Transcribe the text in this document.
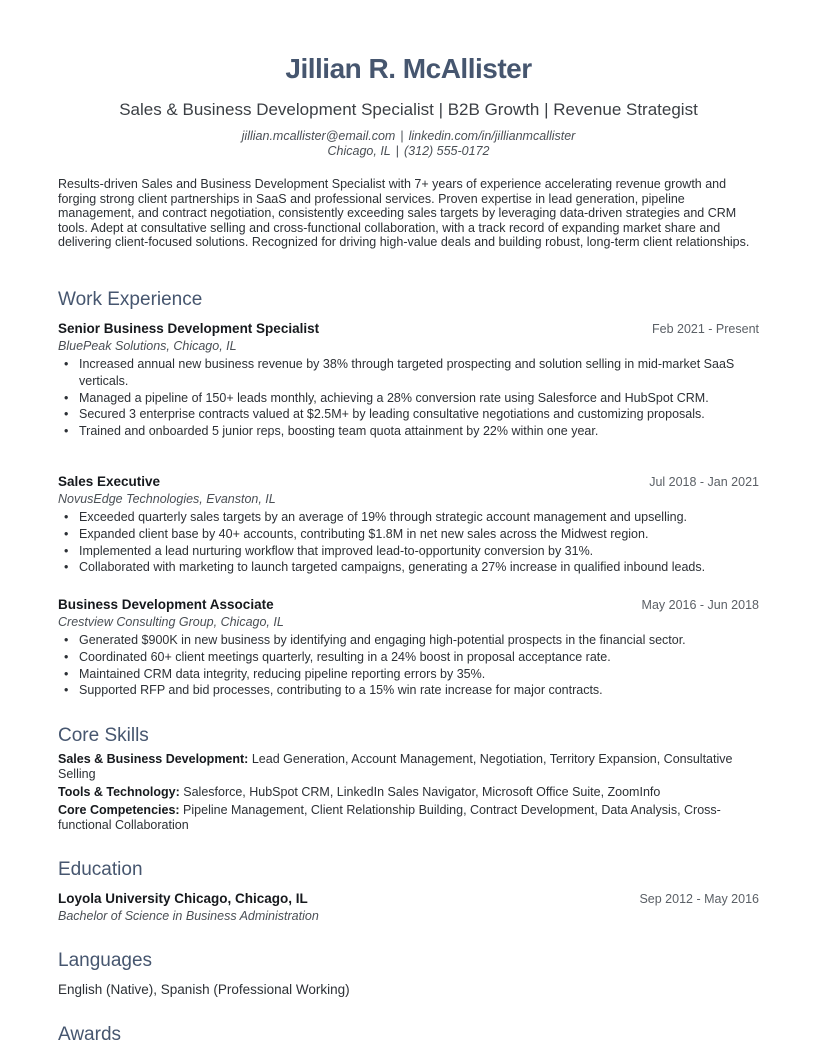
Jillian R. McAllister
Sales & Business Development Specialist | B2B Growth | Revenue Strategist
jillian.mcallister@email.com | linkedin.com/in/jillianmcallister
Chicago, IL | (312) 555-0172
Results-driven Sales and Business Development Specialist with 7+ years of experience accelerating revenue growth and forging strong client partnerships in SaaS and professional services. Proven expertise in lead generation, pipeline management, and contract negotiation, consistently exceeding sales targets by leveraging data-driven strategies and CRM tools. Adept at consultative selling and cross-functional collaboration, with a track record of expanding market share and delivering client-focused solutions. Recognized for driving high-value deals and building robust, long-term client relationships.
Work Experience
Senior Business Development Specialist	Feb 2021 - Present
BluePeak Solutions, Chicago, IL
• Increased annual new business revenue by 38% through targeted prospecting and solution selling in mid-market SaaS verticals.
• Managed a pipeline of 150+ leads monthly, achieving a 28% conversion rate using Salesforce and HubSpot CRM.
• Secured 3 enterprise contracts valued at $2.5M+ by leading consultative negotiations and customizing proposals.
• Trained and onboarded 5 junior reps, boosting team quota attainment by 22% within one year.
Sales Executive	Jul 2018 - Jan 2021
NovusEdge Technologies, Evanston, IL
• Exceeded quarterly sales targets by an average of 19% through strategic account management and upselling.
• Expanded client base by 40+ accounts, contributing $1.8M in net new sales across the Midwest region.
• Implemented a lead nurturing workflow that improved lead-to-opportunity conversion by 31%.
• Collaborated with marketing to launch targeted campaigns, generating a 27% increase in qualified inbound leads.
Business Development Associate	May 2016 - Jun 2018
Crestview Consulting Group, Chicago, IL
• Generated $900K in new business by identifying and engaging high-potential prospects in the financial sector.
• Coordinated 60+ client meetings quarterly, resulting in a 24% boost in proposal acceptance rate.
• Maintained CRM data integrity, reducing pipeline reporting errors by 35%.
• Supported RFP and bid processes, contributing to a 15% win rate increase for major contracts.
Core Skills
Sales & Business Development: Lead Generation, Account Management, Negotiation, Territory Expansion, Consultative Selling
Tools & Technology: Salesforce, HubSpot CRM, LinkedIn Sales Navigator, Microsoft Office Suite, ZoomInfo
Core Competencies: Pipeline Management, Client Relationship Building, Contract Development, Data Analysis, Cross-functional Collaboration
Education
Loyola University Chicago, Chicago, IL	Sep 2012 - May 2016
Bachelor of Science in Business Administration
Languages
English (Native), Spanish (Professional Working)
Awards
